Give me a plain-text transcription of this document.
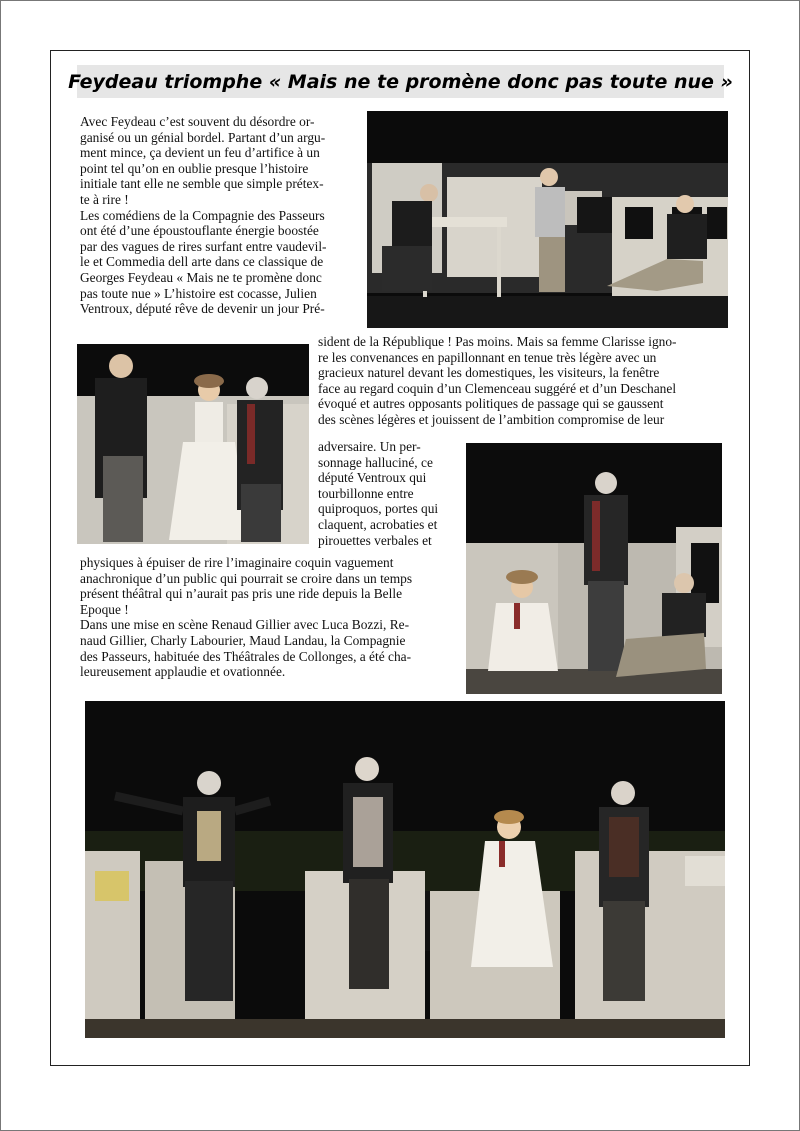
Feydeau triomphe « Mais ne te promène donc pas toute nue »

Avec Feydeau c’est souvent du désordre or-

ganisé ou un génial bordel. Partant d’un argu-

ment mince, ça devient un feu d’artifice à un

point tel qu’on en oublie presque l’histoire

initiale tant elle ne semble que simple prétex-

te à rire !

Les comédiens de la Compagnie des Passeurs

ont été d’une époustouflante énergie boostée

par des vagues de rires surfant entre vaudevil-

le et Commedia dell arte dans ce classique de

Georges Feydeau « Mais ne te promène donc

pas toute nue » L’histoire est cocasse, Julien

Ventroux, député rêve de devenir un jour Pré-

sident de la République ! Pas moins. Mais sa femme Clarisse igno-

re les convenances en papillonnant en tenue très légère avec un

gracieux naturel devant les domestiques, les visiteurs, la fenêtre

face au regard coquin d’un Clemenceau suggéré et d’un Deschanel

évoqué et autres opposants politiques de passage qui se gaussent

des scènes légères et jouissent de l’ambition compromise de leur

adversaire. Un per-

sonnage halluciné, ce

député Ventroux qui

tourbillonne entre

quiproquos, portes qui

claquent, acrobaties et

pirouettes verbales et

physiques à épuiser de rire l’imaginaire coquin vaguement

anachronique d’un public qui pourrait se croire dans un temps

présent théâtral qui n’aurait pas pris une ride depuis la Belle

Epoque !

Dans une mise en scène Renaud Gillier avec Luca Bozzi, Re-

naud Gillier, Charly Labourier, Maud Landau, la Compagnie

des Passeurs, habituée des Théâtrales de Collonges, a été cha-

leureusement applaudie et ovationnée.
